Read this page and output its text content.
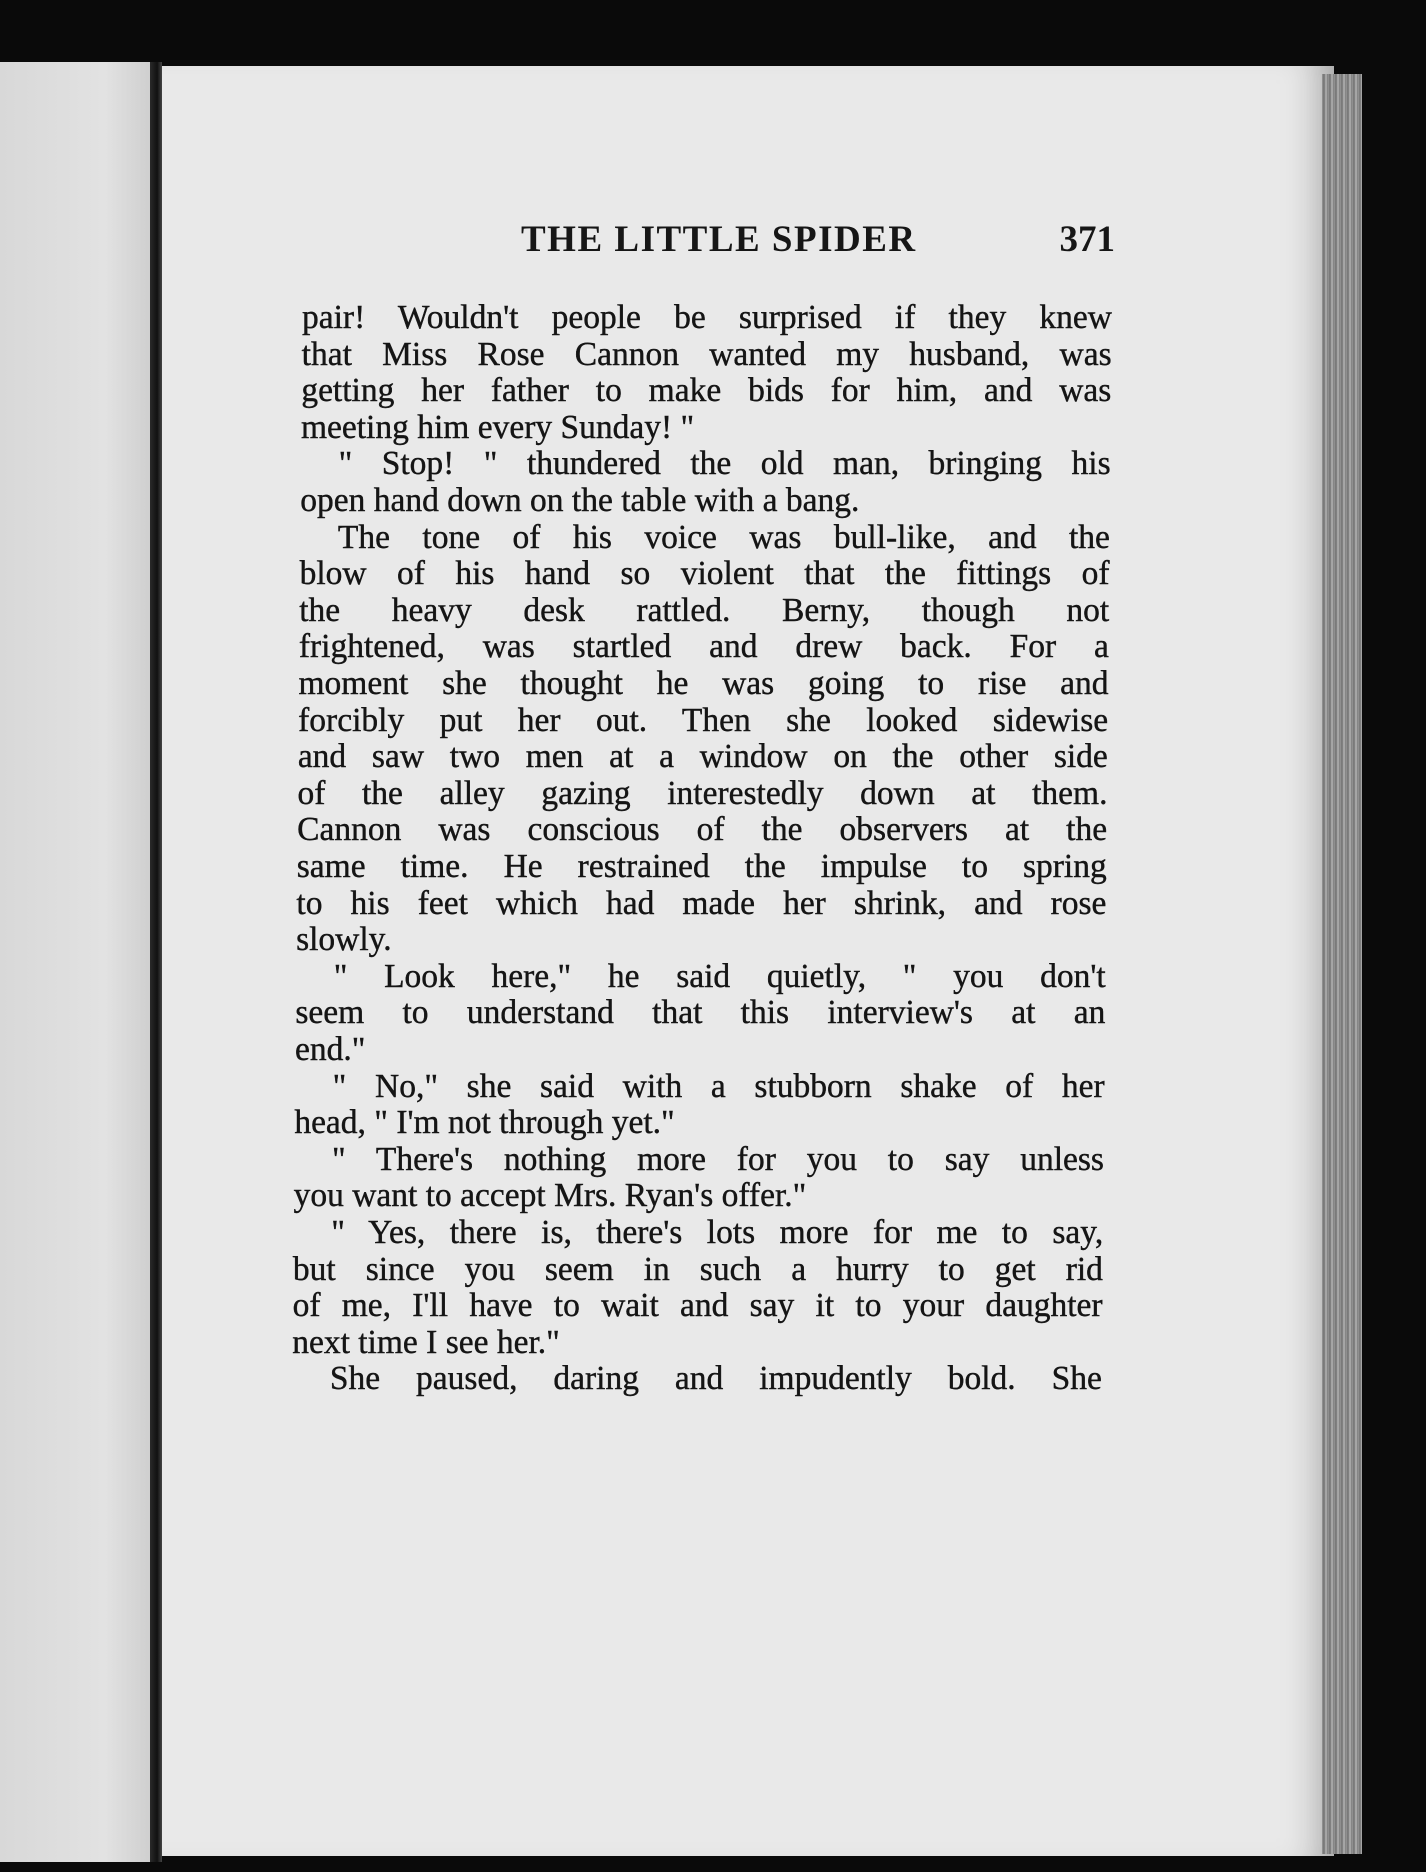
THE LITTLE SPIDER	371
pair! Wouldn't people be surprised if they knew
that Miss Rose Cannon wanted my husband, was
getting her father to make bids for him, and was
meeting him every Sunday! "
" Stop! " thundered the old man, bringing his
open hand down on the table with a bang.
The tone of his voice was bull-like, and the
blow of his hand so violent that the fittings of
the heavy desk rattled. Berny, though not
frightened, was startled and drew back. For a
moment she thought he was going to rise and
forcibly put her out. Then she looked sidewise
and saw two men at a window on the other side
of the alley gazing interestedly down at them.
Cannon was conscious of the observers at the
same time. He restrained the impulse to spring
to his feet which had made her shrink, and rose
slowly.
" Look here," he said quietly, " you don't
seem to understand that this interview's at an
end."
" No," she said with a stubborn shake of her
head, " I'm not through yet."
" There's nothing more for you to say unless
you want to accept Mrs. Ryan's offer."
" Yes, there is, there's lots more for me to say,
but since you seem in such a hurry to get rid
of me, I'll have to wait and say it to your daughter
next time I see her."
She paused, daring and impudently bold. She
